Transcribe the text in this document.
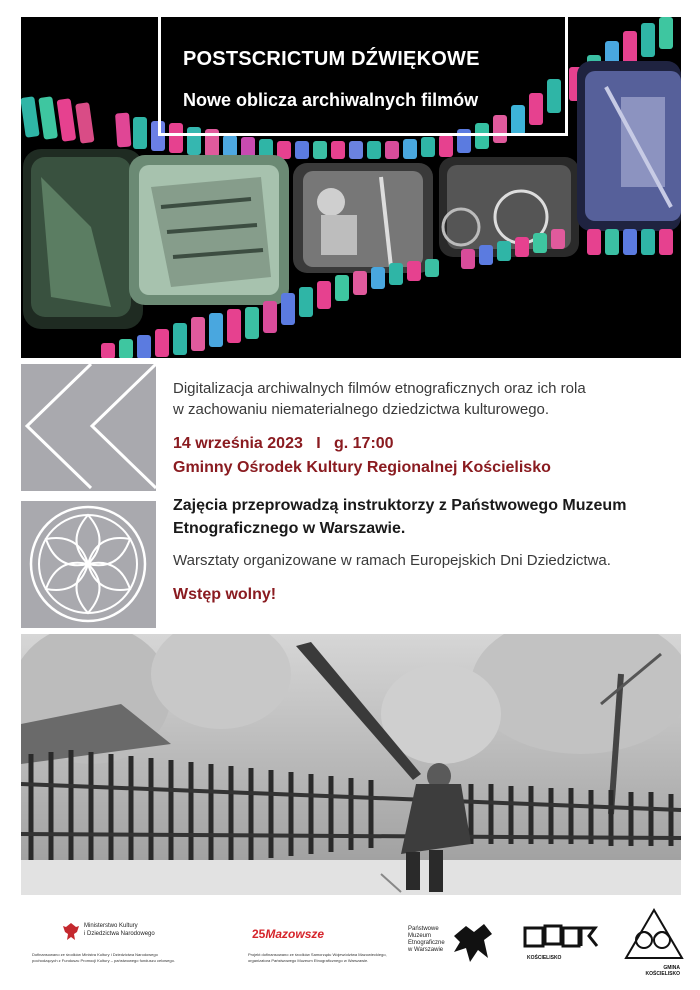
POSTSCRICTUM DŹWIĘKOWE
Nowe oblicza archiwalnych filmów

Digitalizacja archiwalnych filmów etnograficznych oraz ich rola

w zachowaniu niematerialnego dziedzictwa kulturowego.

14 września 2023   I   g. 17:00

Gminny Ośrodek Kultury Regionalnej Kościelisko

Zajęcia przeprowadzą instruktorzy z Państwowego Muzeum

Etnograficznego w Warszawie.

Warsztaty organizowane w ramach Europejskich Dni Dziedzictwa.

Wstęp wolny!

Ministerstwo Kultury
i Dziedzictwa Narodowego
Dofinansowano ze środków Ministra Kultury i Dziedzictwa Narodowego
pochodzących z Funduszu Promocji Kultury – państwowego funduszu celowego.
25Mazowsze
Projekt dofinansowano ze środków Samorządu Województwa Mazowieckiego,
organizatora Państwowego Muzeum Etnograficznego w Warszawie.
Państwowe
Muzeum
Etnograficzne
w Warszawie
KOŚCIELISKO
GMINA
KOŚCIELISKO
